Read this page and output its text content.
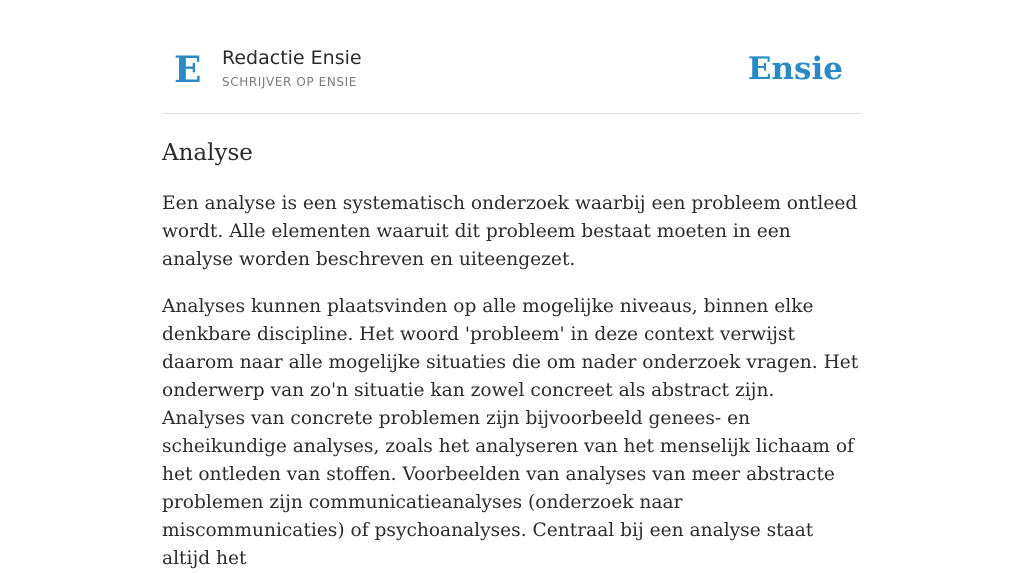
E Redactie Ensie
SCHRIJVER OP ENSIE	Ensie
Analyse

Een analyse is een systematisch onderzoek waarbij een probleem ontleed wordt. Alle elementen waaruit dit probleem bestaat moeten in een analyse worden beschreven en uiteengezet.

Analyses kunnen plaatsvinden op alle mogelijke niveaus, binnen elke denkbare discipline. Het woord 'probleem' in deze context verwijst daarom naar alle mogelijke situaties die om nader onderzoek vragen. Het onderwerp van zo'n situatie kan zowel concreet als abstract zijn. Analyses van concrete problemen zijn bijvoorbeeld genees- en scheikundige analyses, zoals het analyseren van het menselijk lichaam of het ontleden van stoffen. Voorbeelden van analyses van meer abstracte problemen zijn communicatieanalyses (onderzoek naar miscommunicaties) of psychoanalyses. Centraal bij een analyse staat altijd het
